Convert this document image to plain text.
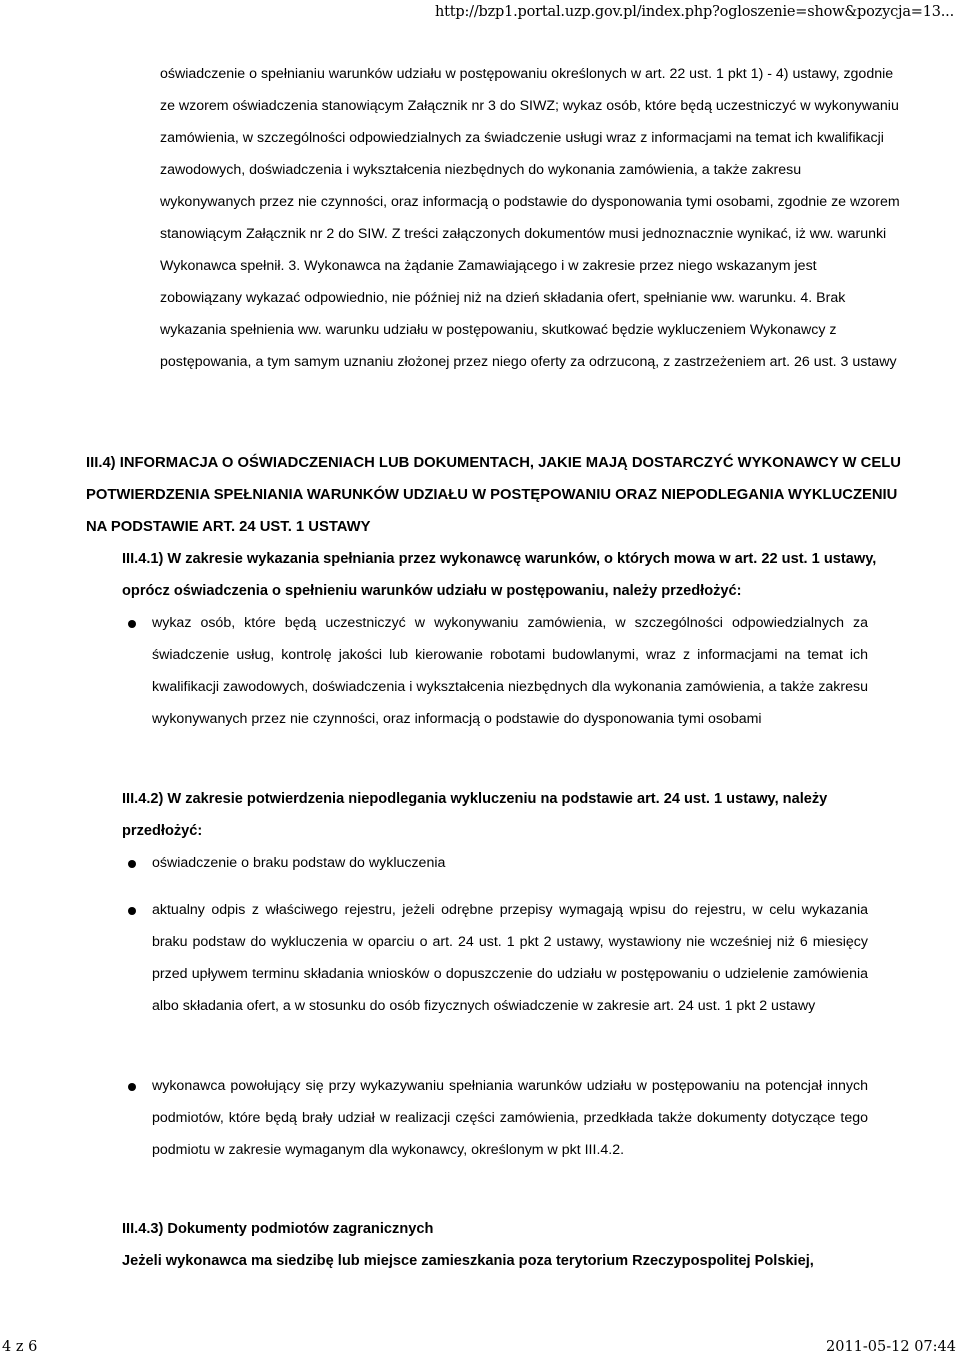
http://bzp1.portal.uzp.gov.pl/index.php?ogloszenie=show&pozycja=13...

oświadczenie o spełnianiu warunków udziału w postępowaniu określonych w art. 22 ust. 1 pkt 1) - 4) ustawy, zgodnie ze wzorem oświadczenia stanowiącym Załącznik nr 3 do SIWZ; wykaz osób, które będą uczestniczyć w wykonywaniu zamówienia, w szczególności odpowiedzialnych za świadczenie usługi wraz z informacjami na temat ich kwalifikacji zawodowych, doświadczenia i wykształcenia niezbędnych do wykonania zamówienia, a także zakresu wykonywanych przez nie czynności, oraz informacją o podstawie do dysponowania tymi osobami, zgodnie ze wzorem stanowiącym Załącznik nr 2 do SIW. Z treści załączonych dokumentów musi jednoznacznie wynikać, iż ww. warunki Wykonawca spełnił. 3. Wykonawca na żądanie Zamawiającego i w zakresie przez niego wskazanym jest zobowiązany wykazać odpowiednio, nie później niż na dzień składania ofert, spełnianie ww. warunku. 4. Brak wykazania spełnienia ww. warunku udziału w postępowaniu, skutkować będzie wykluczeniem Wykonawcy z postępowania, a tym samym uznaniu złożonej przez niego oferty za odrzuconą, z zastrzeżeniem art. 26 ust. 3 ustawy

III.4) INFORMACJA O OŚWIADCZENIACH LUB DOKUMENTACH, JAKIE MAJĄ DOSTARCZYĆ WYKONAWCY W CELU POTWIERDZENIA SPEŁNIANIA WARUNKÓW UDZIAŁU W POSTĘPOWANIU ORAZ NIEPODLEGANIA WYKLUCZENIU NA PODSTAWIE ART. 24 UST. 1 USTAWY

III.4.1) W zakresie wykazania spełniania przez wykonawcę warunków, o których mowa w art. 22 ust. 1 ustawy, oprócz oświadczenia o spełnieniu warunków udziału w postępowaniu, należy przedłożyć:

wykaz osób, które będą uczestniczyć w wykonywaniu zamówienia, w szczególności odpowiedzialnych za świadczenie usług, kontrolę jakości lub kierowanie robotami budowlanymi, wraz z informacjami na temat ich kwalifikacji zawodowych, doświadczenia i wykształcenia niezbędnych dla wykonania zamówienia, a także zakresu wykonywanych przez nie czynności, oraz informacją o podstawie do dysponowania tymi osobami

III.4.2) W zakresie potwierdzenia niepodlegania wykluczeniu na podstawie art. 24 ust. 1 ustawy, należy przedłożyć:

oświadczenie o braku podstaw do wykluczenia
aktualny odpis z właściwego rejestru, jeżeli odrębne przepisy wymagają wpisu do rejestru, w celu wykazania braku podstaw do wykluczenia w oparciu o art. 24 ust. 1 pkt 2 ustawy, wystawiony nie wcześniej niż 6 miesięcy przed upływem terminu składania wniosków o dopuszczenie do udziału w postępowaniu o udzielenie zamówienia albo składania ofert, a w stosunku do osób fizycznych oświadczenie w zakresie art. 24 ust. 1 pkt 2 ustawy
wykonawca powołujący się przy wykazywaniu spełniania warunków udziału w postępowaniu na potencjał innych podmiotów, które będą brały udział w realizacji części zamówienia, przedkłada także dokumenty dotyczące tego podmiotu w zakresie wymaganym dla wykonawcy, określonym w pkt III.4.2.

III.4.3) Dokumenty podmiotów zagranicznych

Jeżeli wykonawca ma siedzibę lub miejsce zamieszkania poza terytorium Rzeczypospolitej Polskiej,

4 z 6	2011-05-12 07:44
